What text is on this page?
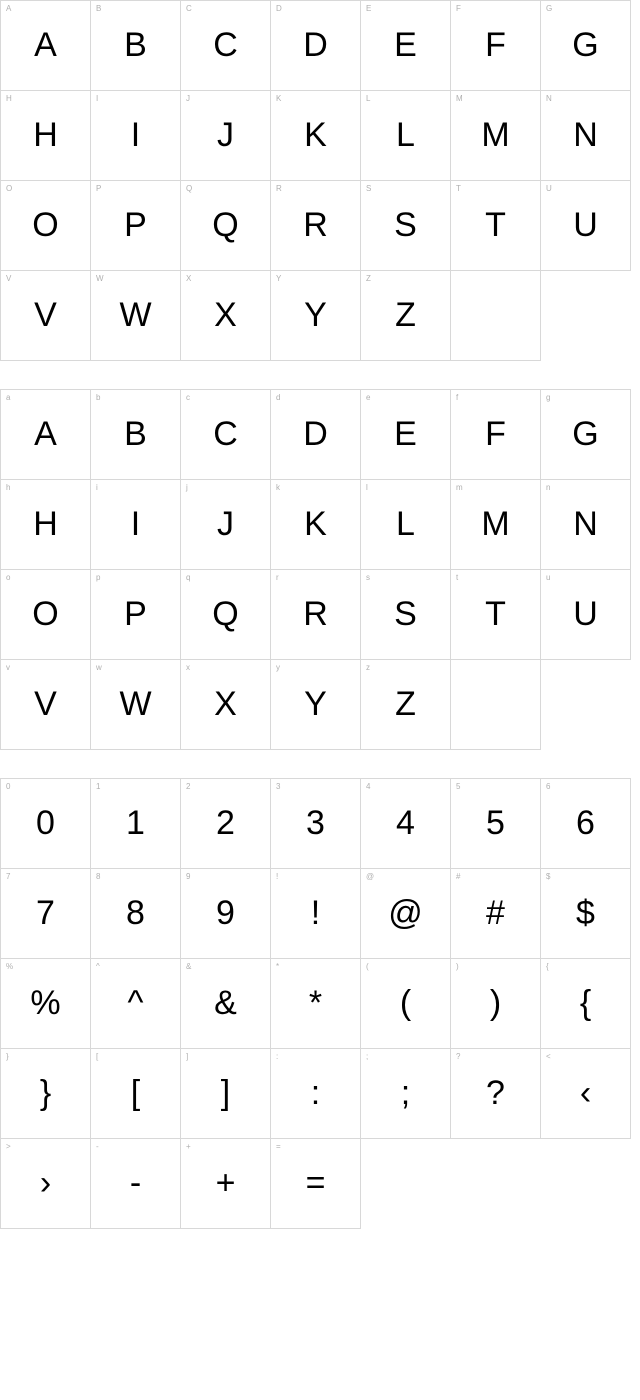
A
A
B
B
C
C
D
D
E
E
F
F
G
G
H
H
I
I
J
J
K
K
L
L
M
M
N
N
O
O
P
P
Q
Q
R
R
S
S
T
T
U
U
V
V
W
W
X
X
Y
Y
Z
Z
a
A
b
B
c
C
d
D
e
E
f
F
g
G
h
H
i
I
j
J
k
K
l
L
m
M
n
N
o
O
p
P
q
Q
r
R
s
S
t
T
u
U
v
V
w
W
x
X
y
Y
z
Z
0
0
1
1
2
2
3
3
4
4
5
5
6
6
7
7
8
8
9
9
!
!
@
@
#
#
$
$
%
%
^
^
&
&
*
*
(
(
)
)
{
{
}
}
[
[
]
]
:
:
;
;
?
?
<
‹
>
›
-
-
+
+
=
=
